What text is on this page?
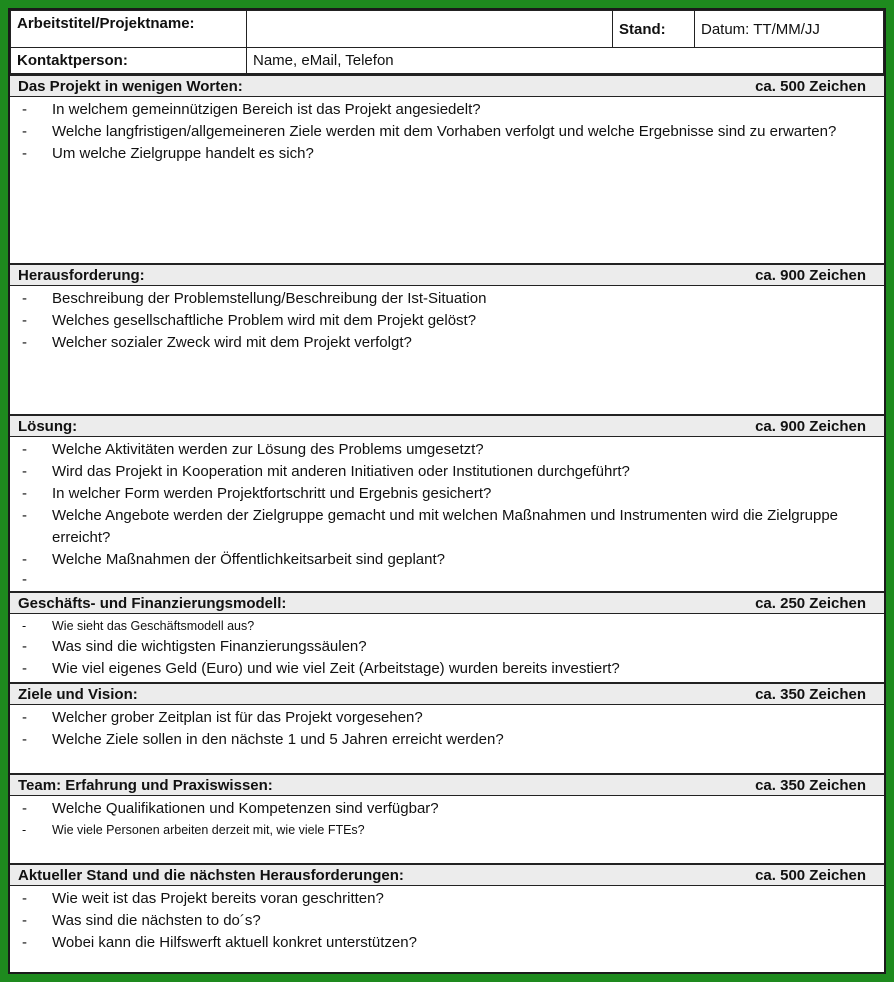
Arbeitstitel/Projektname:		Stand:	Datum: TT/MM/JJ
Kontaktperson:	Name, eMail, Telefon		
Das Projekt in wenigen Worten:	ca. 500 Zeichen
- In welchem gemeinnützigen Bereich ist das Projekt angesiedelt?
- Welche langfristigen/allgemeineren Ziele werden mit dem Vorhaben verfolgt und welche Ergebnisse sind zu erwarten?
- Um welche Zielgruppe handelt es sich?
Herausforderung:	ca. 900 Zeichen
- Beschreibung der Problemstellung/Beschreibung der Ist-Situation
- Welches gesellschaftliche Problem wird mit dem Projekt gelöst?
- Welcher sozialer Zweck wird mit dem Projekt verfolgt?
Lösung:	ca. 900 Zeichen
- Welche Aktivitäten werden zur Lösung des Problems umgesetzt?
- Wird das Projekt in Kooperation mit anderen Initiativen oder Institutionen durchgeführt?
- In welcher Form werden Projektfortschritt und Ergebnis gesichert?
- Welche Angebote werden der Zielgruppe gemacht und mit welchen Maßnahmen und Instrumenten wird die Zielgruppe erreicht?
- Welche Maßnahmen der Öffentlichkeitsarbeit sind geplant?
-
Geschäfts- und Finanzierungsmodell:	ca. 250 Zeichen
- Wie sieht das Geschäftsmodell aus?
- Was sind die wichtigsten Finanzierungssäulen?
- Wie viel eigenes Geld (Euro) und wie viel Zeit (Arbeitstage) wurden bereits investiert?
Ziele und Vision:	ca. 350 Zeichen
- Welcher grober Zeitplan ist für das Projekt vorgesehen?
- Welche Ziele sollen in den nächste 1 und 5 Jahren erreicht werden?
Team: Erfahrung und Praxiswissen:	ca. 350 Zeichen
- Welche Qualifikationen und Kompetenzen sind verfügbar?
- Wie viele Personen arbeiten derzeit mit, wie viele FTEs?
Aktueller Stand und die nächsten Herausforderungen:	ca. 500 Zeichen
- Wie weit ist das Projekt bereits voran geschritten?
- Was sind die nächsten to do´s?
- Wobei kann die Hilfswerft aktuell konkret unterstützen?
